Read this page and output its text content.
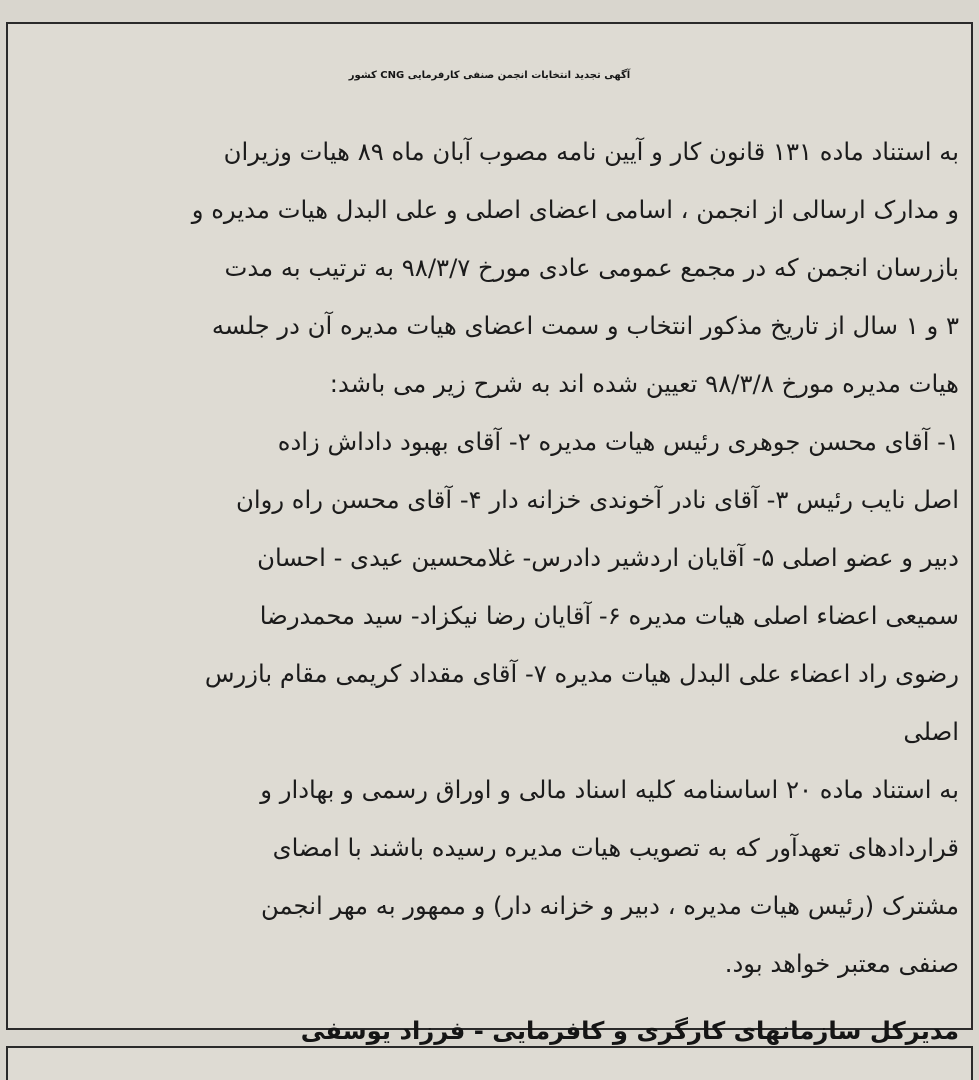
آگهی تجدید انتخابات انجمن صنفی کارفرمایی CNG کشور
به استناد ماده ۱۳۱ قانون کار و آیین نامه مصوب آبان ماه ۸۹ هیات وزیران
و مدارک ارسالی از انجمن ، اسامی اعضای اصلی و علی البدل هیات مدیره و
بازرسان انجمن که در مجمع عمومی عادی مورخ ۹۸/۳/۷ به ترتیب به مدت
۳ و ۱ سال از تاریخ مذکور انتخاب و سمت اعضای هیات مدیره آن در جلسه
هیات مدیره مورخ ۹۸/۳/۸ تعیین شده اند به شرح زیر می باشد:
۱- آقای محسن جوهری رئیس هیات مدیره ۲- آقای بهبود داداش زاده
اصل نایب رئیس ۳- آقای نادر آخوندی خزانه دار ۴- آقای محسن راه روان
دبیر و عضو اصلی ۵- آقایان اردشیر دادرس- غلامحسین عیدی - احسان
سمیعی اعضاء اصلی هیات مدیره ۶- آقایان رضا نیکزاد- سید محمدرضا
رضوی راد اعضاء علی البدل هیات مدیره ۷- آقای مقداد کریمی مقام بازرس
اصلی
به استناد ماده ۲۰ اساسنامه کلیه اسناد مالی و اوراق رسمی و بهادار و
قراردادهای تعهدآور که به تصویب هیات مدیره رسیده باشند با امضای
مشترک (رئیس هیات مدیره ، دبیر و خزانه دار) و ممهور به مهر انجمن
صنفی معتبر خواهد بود.
مدیرکل سازمانهای کارگری و کافرمایی - فرزاد یوسفی
